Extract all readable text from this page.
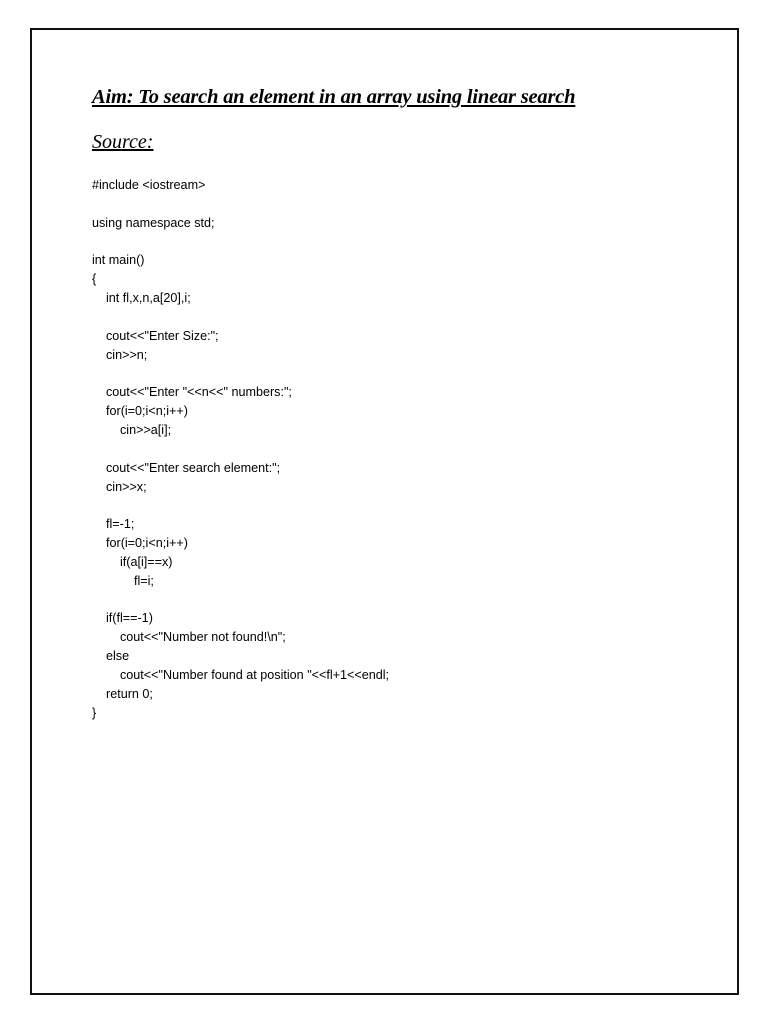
Aim: To search an element in an array using linear search
Source:
#include <iostream>
using namespace std;
int main()
{
int fl,x,n,a[20],i;
cout<<"Enter Size:";
cin>>n;
cout<<"Enter "<<n<<" numbers:";
for(i=0;i<n;i++)
cin>>a[i];
cout<<"Enter search element:";
cin>>x;
fl=-1;
for(i=0;i<n;i++)
if(a[i]==x)
fl=i;
if(fl==-1)
cout<<"Number not found!\n";
else
cout<<"Number found at position "<<fl+1<<endl;
return 0;
}
